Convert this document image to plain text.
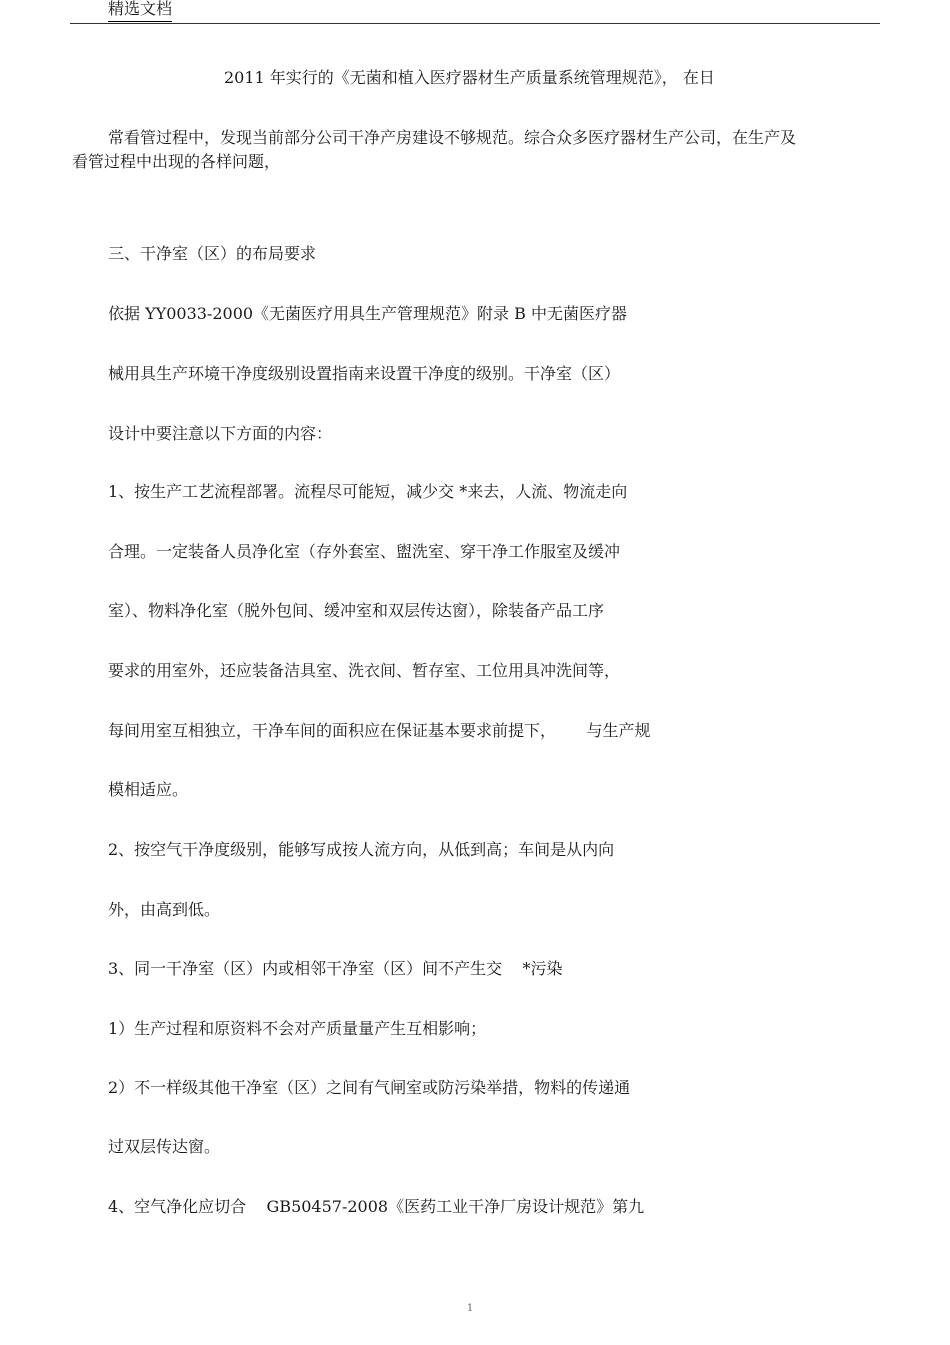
精选文档
2011 年实行的《无菌和植入医疗器材生产质量系统管理规范》， 在日
常看管过程中，发现当前部分公司干净产房建设不够规范。综合众多医疗器材生产公司，在生产及
看管过程中出现的各样问题，
三、干净室（区）的布局要求
依据 YY0033-2000《无菌医疗用具生产管理规范》附录 B 中无菌医疗器
械用具生产环境干净度级别设置指南来设置干净度的级别。干净室（区）
设计中要注意以下方面的内容：
1、按生产工艺流程部署。流程尽可能短，减少交 *来去，人流、物流走向
合理。一定装备人员净化室（存外套室、盥洗室、穿干净工作服室及缓冲
室）、物料净化室（脱外包间、缓冲室和双层传达窗），除装备产品工序
要求的用室外，还应装备洁具室、洗衣间、暂存室、工位用具冲洗间等，
每间用室互相独立，干净车间的面积应在保证基本要求前提下，      与生产规
模相适应。
2、按空气干净度级别，能够写成按人流方向，从低到高；车间是从内向
外，由高到低。
3、同一干净室（区）内或相邻干净室（区）间不产生交    *污染
1）生产过程和原资料不会对产质量量产生互相影响；
2）不一样级其他干净室（区）之间有气闸室或防污染举措，物料的传递通
过双层传达窗。
4、空气净化应切合    GB50457-2008《医药工业干净厂房设计规范》第九
1
